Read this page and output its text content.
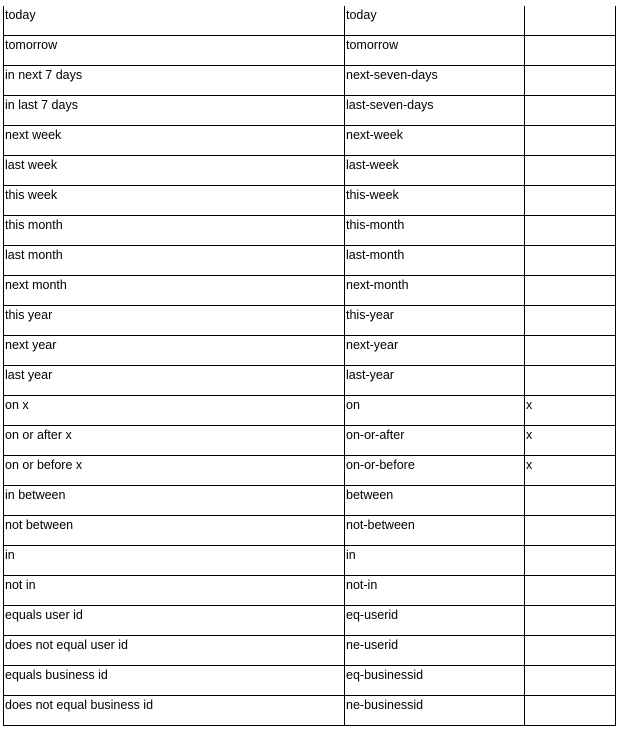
today	today	
tomorrow	tomorrow	
in next 7 days	next-seven-days	
in last 7 days	last-seven-days	
next week	next-week	
last week	last-week	
this week	this-week	
this month	this-month	
last month	last-month	
next month	next-month	
this year	this-year	
next year	next-year	
last year	last-year	
on x	on	x
on or after x	on-or-after	x
on or before x	on-or-before	x
in between	between	
not between	not-between	
in	in	
not in	not-in	
equals user id	eq-userid	
does not equal user id	ne-userid	
equals business id	eq-businessid	
does not equal business id	ne-businessid	
